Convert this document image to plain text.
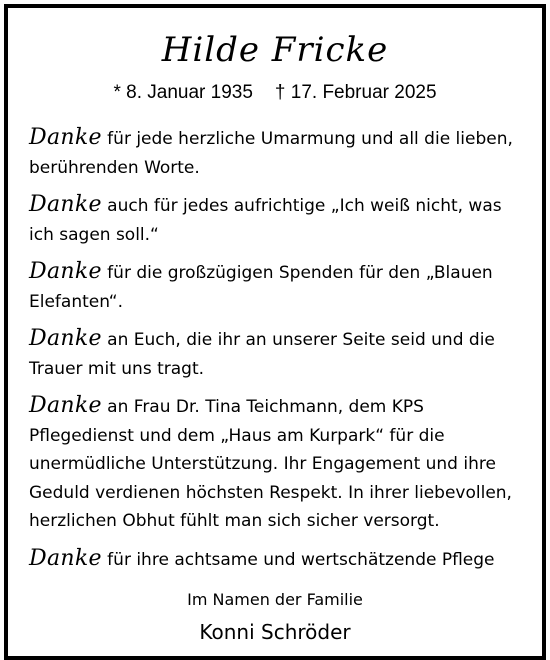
Hilde Fricke
* 8. Januar 1935 † 17. Februar 2025

Danke für jede herzliche Umarmung und all die lieben, berührenden Worte.

Danke auch für jedes aufrichtige „Ich weiß nicht, was ich sagen soll.“

Danke für die großzügigen Spenden für den „Blauen Elefanten“.

Danke an Euch, die ihr an unserer Seite seid und die Trauer mit uns tragt.

Danke an Frau Dr. Tina Teichmann, dem KPS Pflegedienst und dem „Haus am Kurpark“ für die unermüdliche Unterstützung. Ihr Engagement und ihre Geduld verdienen höchsten Respekt. In ihrer liebevollen, herzlichen Obhut fühlt man sich sicher versorgt.

Danke für ihre achtsame und wertschätzende Pflege

Im Namen der Familie
Konni Schröder
